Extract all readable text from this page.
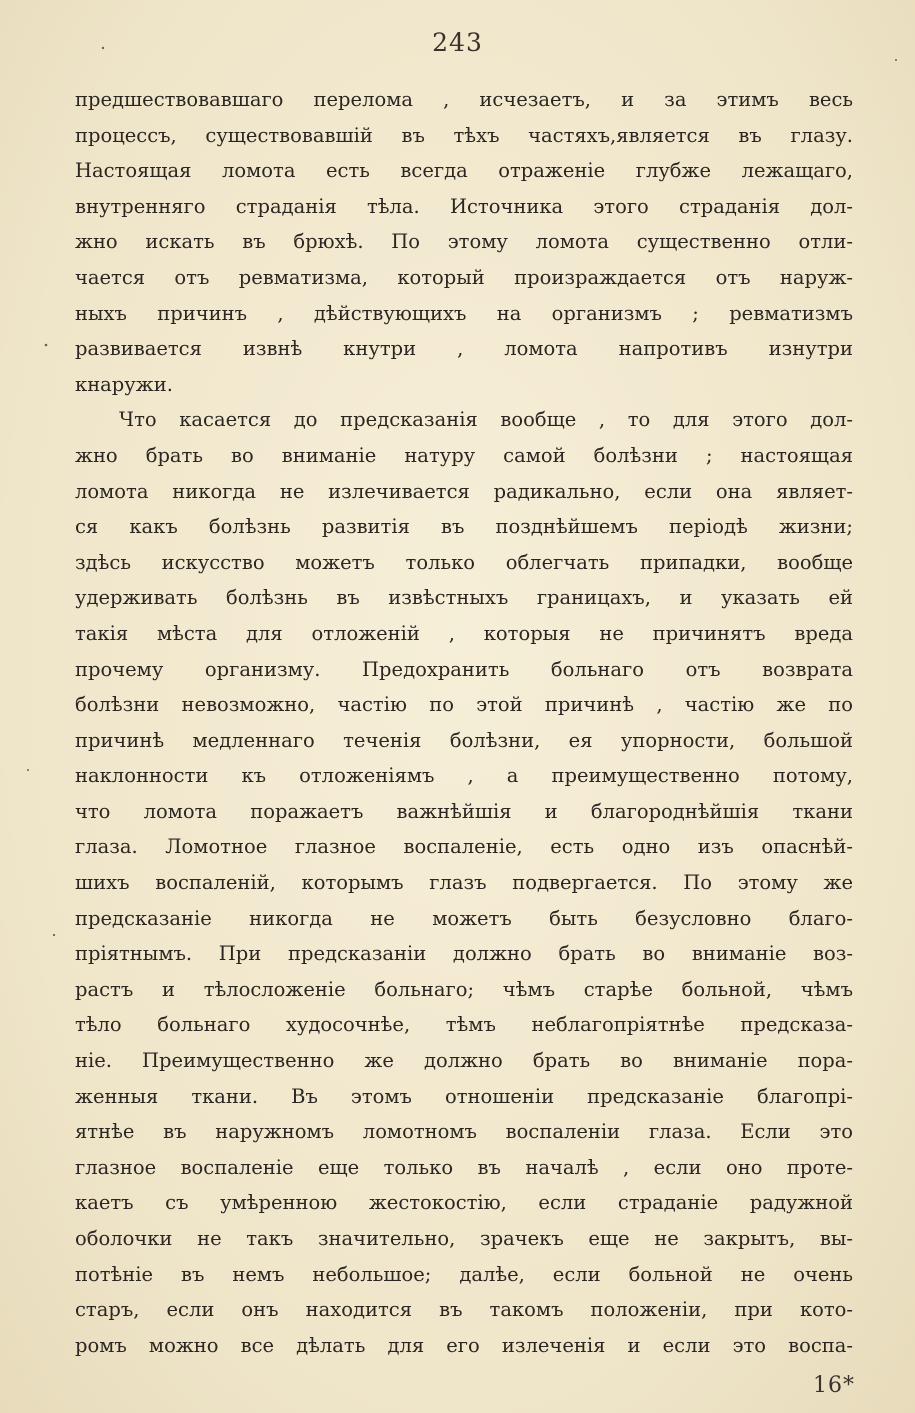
243
предшествовавшаго перелома , исчезаетъ, и за этимъ весь
процессъ, существовавшій въ тѣхъ частяхъ,является въ глазу.
Настоящая ломота есть всегда отраженіе глубже лежащаго,
внутренняго страданія тѣла. Источника этого страданія дол-
жно искать въ брюхѣ. По этому ломота существенно отли-
чается отъ ревматизма, который произраждается отъ наруж-
ныхъ причинъ , дѣйствующихъ на организмъ ; ревматизмъ
развивается извнѣ кнутри , ломота напротивъ изнутри
кнаружи.
Что касается до предсказанія вообще , то для этого дол-
жно брать во вниманіе натуру самой болѣзни ; настоящая
ломота никогда не излечивается радикально, если она являет-
ся какъ болѣзнь развитія въ позднѣйшемъ періодѣ жизни;
здѣсь искусство можетъ только облегчать припадки, вообще
удерживать болѣзнь въ извѣстныхъ границахъ, и указать ей
такія мѣста для отложеній , которыя не причинятъ вреда
прочему организму. Предохранить больнаго отъ возврата
болѣзни невозможно, частію по этой причинѣ , частію же по
причинѣ медленнаго теченія болѣзни, ея упорности, большой
наклонности къ отложеніямъ , а преимущественно потому,
что ломота поражаетъ важнѣйшія и благороднѣйшія ткани
глаза. Ломотное глазное воспаленіе, есть одно изъ опаснѣй-
шихъ воспаленій, которымъ глазъ подвергается. По этому же
предсказаніе никогда не можетъ быть безусловно благо-
пріятнымъ. При предсказаніи должно брать во вниманіе воз-
растъ и тѣлосложеніе больнаго; чѣмъ старѣе больной, чѣмъ
тѣло больнаго худосочнѣе, тѣмъ неблагопріятнѣе предсказа-
ніе. Преимущественно же должно брать во вниманіе пора-
женныя ткани. Въ этомъ отношеніи предсказаніе благопрі-
ятнѣе въ наружномъ ломотномъ воспаленіи глаза. Если это
глазное воспаленіе еще только въ началѣ , если оно проте-
каетъ съ умѣренною жестокостію, если страданіе радужной
оболочки не такъ значительно, зрачекъ еще не закрытъ, вы-
потѣніе въ немъ небольшое; далѣе, если больной не очень
старъ, если онъ находится въ такомъ положеніи, при кото-
ромъ можно все дѣлать для его излеченія и если это воспа-
16*
